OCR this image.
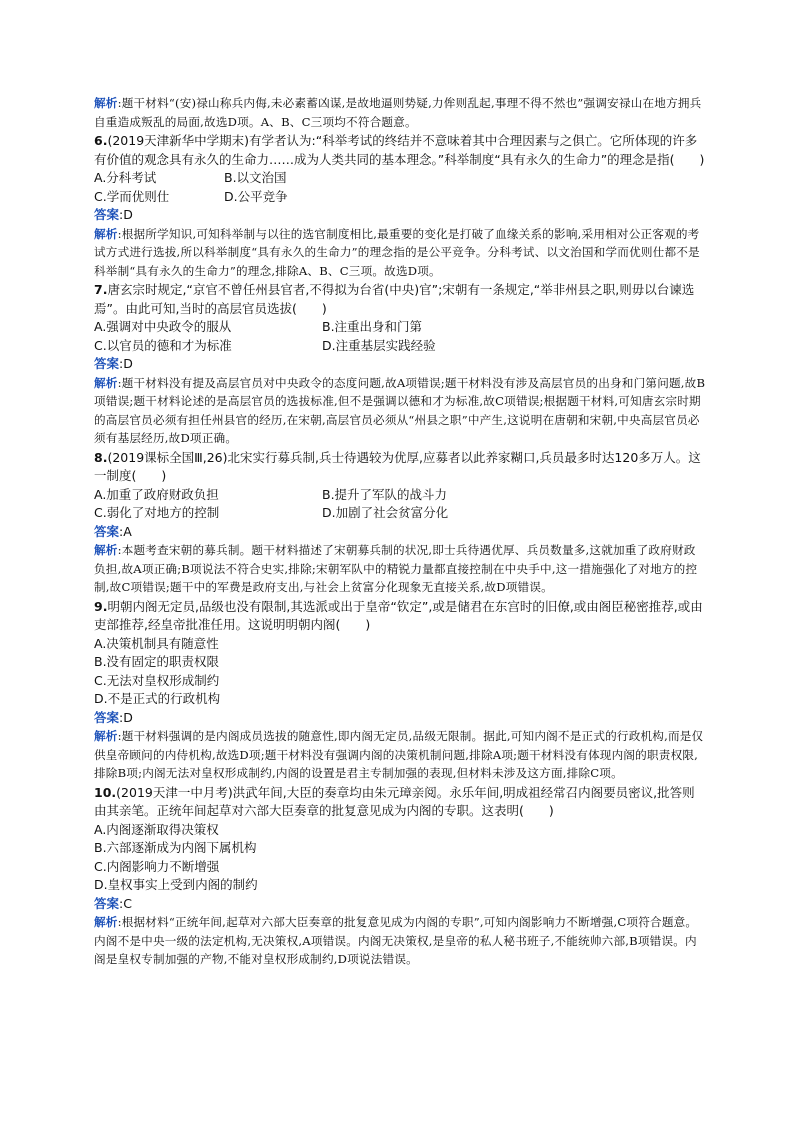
解析:题干材料“(安)禄山称兵内侮,未必素蓄凶谋,是故地逼则势疑,力侔则乱起,事理不得不然也”强调安禄山在地方拥兵自重造成叛乱的局面,故选D项。A、B、C三项均不符合题意。

6.(2019天津新华中学期末)有学者认为:“科举考试的终结并不意味着其中合理因素与之俱亡。它所体现的许多有价值的观念具有永久的生命力……成为人类共同的基本理念。”科举制度“具有永久的生命力”的理念是指(　　)

A.分科考试	B.以文治国
C.学而优则仕	D.公平竞争

答案:D

解析:根据所学知识,可知科举制与以往的选官制度相比,最重要的变化是打破了血缘关系的影响,采用相对公正客观的考试方式进行选拔,所以科举制度“具有永久的生命力”的理念指的是公平竞争。分科考试、以文治国和学而优则仕都不是科举制“具有永久的生命力”的理念,排除A、B、C三项。故选D项。

7.唐玄宗时规定,“京官不曾任州县官者,不得拟为台省(中央)官”;宋朝有一条规定,“举非州县之职,则毋以台谏选焉”。由此可知,当时的高层官员选拔(　　)

A.强调对中央政令的服从	B.注重出身和门第
C.以官员的德和才为标准	D.注重基层实践经验

答案:D

解析:题干材料没有提及高层官员对中央政令的态度问题,故A项错误;题干材料没有涉及高层官员的出身和门第问题,故B项错误;题干材料论述的是高层官员的选拔标准,但不是强调以德和才为标准,故C项错误;根据题干材料,可知唐玄宗时期的高层官员必须有担任州县官的经历,在宋朝,高层官员必须从“州县之职”中产生,这说明在唐朝和宋朝,中央高层官员必须有基层经历,故D项正确。

8.(2019课标全国Ⅲ,26)北宋实行募兵制,兵士待遇较为优厚,应募者以此养家糊口,兵员最多时达120多万人。这一制度(　　)

A.加重了政府财政负担	B.提升了军队的战斗力
C.弱化了对地方的控制	D.加剧了社会贫富分化

答案:A

解析:本题考查宋朝的募兵制。题干材料描述了宋朝募兵制的状况,即士兵待遇优厚、兵员数量多,这就加重了政府财政负担,故A项正确;B项说法不符合史实,排除;宋朝军队中的精锐力量都直接控制在中央手中,这一措施强化了对地方的控制,故C项错误;题干中的军费是政府支出,与社会上贫富分化现象无直接关系,故D项错误。

9.明朝内阁无定员,品级也没有限制,其选派或出于皇帝“钦定”,或是储君在东宫时的旧僚,或由阁臣秘密推荐,或由吏部推荐,经皇帝批准任用。这说明明朝内阁(　　)

A.决策机制具有随意性

B.没有固定的职责权限

C.无法对皇权形成制约

D.不是正式的行政机构

答案:D

解析:题干材料强调的是内阁成员选拔的随意性,即内阁无定员,品级无限制。据此,可知内阁不是正式的行政机构,而是仅供皇帝顾问的内侍机构,故选D项;题干材料没有强调内阁的决策机制问题,排除A项;题干材料没有体现内阁的职责权限,排除B项;内阁无法对皇权形成制约,内阁的设置是君主专制加强的表现,但材料未涉及这方面,排除C项。

10.(2019天津一中月考)洪武年间,大臣的奏章均由朱元璋亲阅。永乐年间,明成祖经常召内阁要员密议,批答则由其亲笔。正统年间起草对六部大臣奏章的批复意见成为内阁的专职。这表明(　　)

A.内阁逐渐取得决策权

B.六部逐渐成为内阁下属机构

C.内阁影响力不断增强

D.皇权事实上受到内阁的制约

答案:C

解析:根据材料“正统年间,起草对六部大臣奏章的批复意见成为内阁的专职”,可知内阁影响力不断增强,C项符合题意。内阁不是中央一级的法定机构,无决策权,A项错误。内阁无决策权,是皇帝的私人秘书班子,不能统帅六部,B项错误。内阁是皇权专制加强的产物,不能对皇权形成制约,D项说法错误。
